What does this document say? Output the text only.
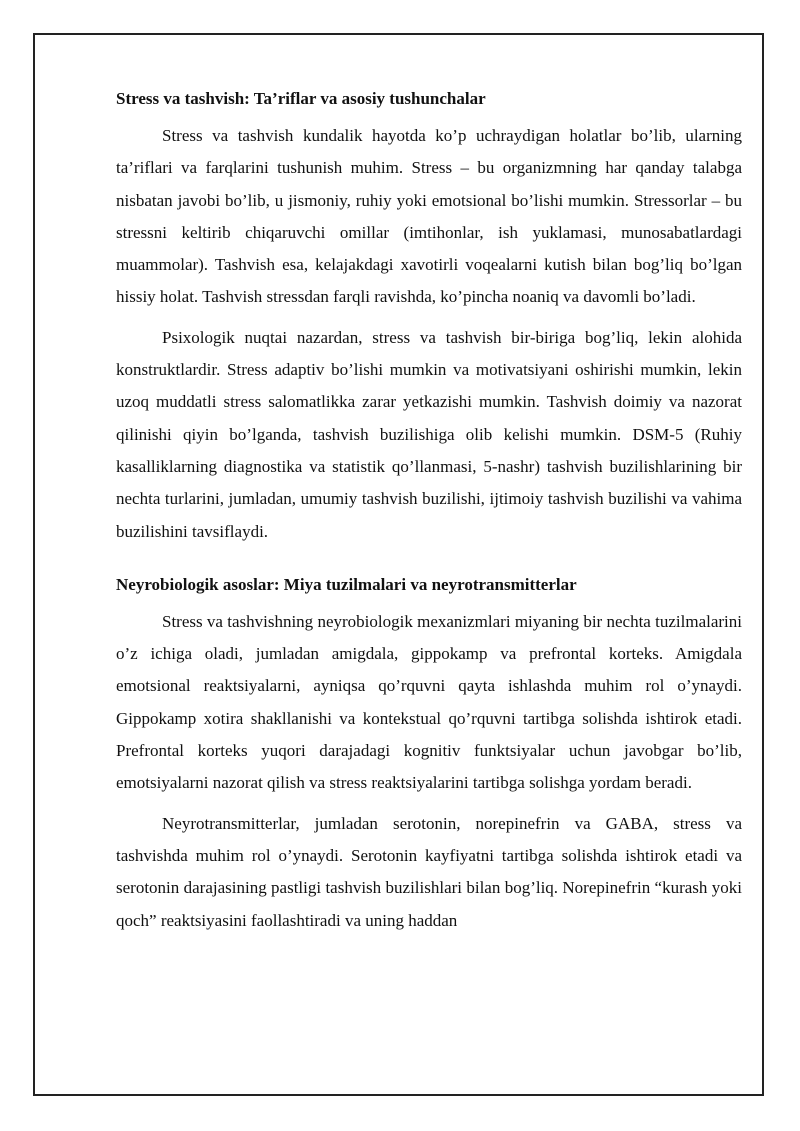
Stress va tashvish: Ta’riflar va asosiy tushunchalar

Stress va tashvish kundalik hayotda ko’p uchraydigan holatlar bo’lib, ularning ta’riflari va farqlarini tushunish muhim. Stress – bu organizmning har qanday talabga nisbatan javobi bo’lib, u jismoniy, ruhiy yoki emotsional bo’lishi mumkin. Stressorlar – bu stressni keltirib chiqaruvchi omillar (imtihonlar, ish yuklamasi, munosabatlardagi muammolar). Tashvish esa, kelajakdagi xavotirli voqealarni kutish bilan bog’liq bo’lgan hissiy holat. Tashvish stressdan farqli ravishda, ko’pincha noaniq va davomli bo’ladi.

Psixologik nuqtai nazardan, stress va tashvish bir-biriga bog’liq, lekin alohida konstruktlardir. Stress adaptiv bo’lishi mumkin va motivatsiyani oshirishi mumkin, lekin uzoq muddatli stress salomatlikka zarar yetkazishi mumkin. Tashvish doimiy va nazorat qilinishi qiyin bo’lganda, tashvish buzilishiga olib kelishi mumkin. DSM-5 (Ruhiy kasalliklarning diagnostika va statistik qo’llanmasi, 5-nashr) tashvish buzilishlarining bir nechta turlarini, jumladan, umumiy tashvish buzilishi, ijtimoiy tashvish buzilishi va vahima buzilishini tavsiflaydi.

Neyrobiologik asoslar: Miya tuzilmalari va neyrotransmitterlar

Stress va tashvishning neyrobiologik mexanizmlari miyaning bir nechta tuzilmalarini o’z ichiga oladi, jumladan amigdala, gippokamp va prefrontal korteks. Amigdala emotsional reaktsiyalarni, ayniqsa qo’rquvni qayta ishlashda muhim rol o’ynaydi. Gippokamp xotira shakllanishi va kontekstual qo’rquvni tartibga solishda ishtirok etadi. Prefrontal korteks yuqori darajadagi kognitiv funktsiyalar uchun javobgar bo’lib, emotsiyalarni nazorat qilish va stress reaktsiyalarini tartibga solishga yordam beradi.

Neyrotransmitterlar, jumladan serotonin, norepinefrin va GABA, stress va tashvishda muhim rol o’ynaydi. Serotonin kayfiyatni tartibga solishda ishtirok etadi va serotonin darajasining pastligi tashvish buzilishlari bilan bog’liq. Norepinefrin “kurash yoki qoch” reaktsiyasini faollashtiradi va uning haddan
